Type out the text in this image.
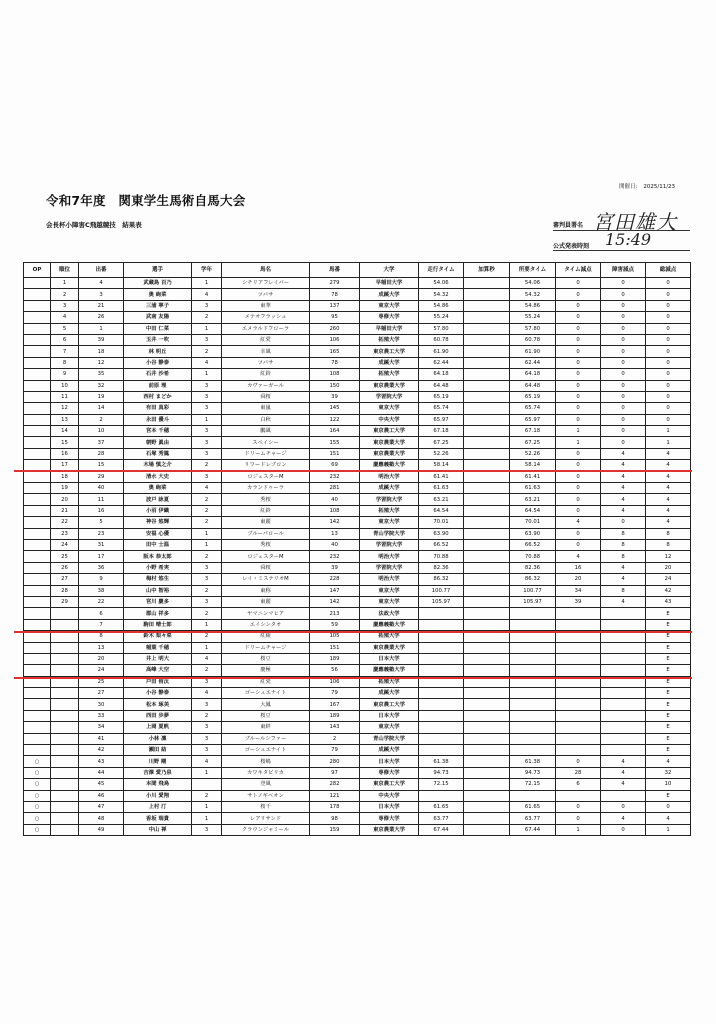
開催日: 2025/11/23
令和7年度　関東学生馬術自馬大会
会長杯小障害C飛越競技　結果表	審判員署名 宮田雄大
公式発表時刻 15:49
OP	順位	出番	選手	学年	馬名	馬番	大学	走行タイム	加算秒	所要タイム	タイム減点	障害減点	総減点
	1	4	武蔵島 百乃	1	シチリアフレイバー	279	早稲田大学	54.06		54.06	0	0	0
	2	3	奥 絢菜	4	ツバサ	78	成蹊大学	54.32		54.32	0	0	0
	3	21	三浦 寧子	3	東華	137	東京大学	54.86		54.86	0	0	0
	4	26	武南 友陽	2	メテオフラッシュ	95	専修大学	55.24		55.24	0	0	0
	5	1	中田 仁菜	1	エメラルドフローラ	260	早稲田大学	57.80		57.80	0	0	0
	6	39	玉井 一吹	3	紅愛	106	拓殖大学	60.78		60.78	0	0	0
	7	18	林 明丘	2	幸風	165	東京農工大学	61.90		61.90	0	0	0
	8	12	小谷 静泰	4	ツバサ	78	成蹊大学	62.44		62.44	0	0	0
	9	35	石井 沙希	1	紅鈴	108	拓殖大学	64.18		64.18	0	0	0
	10	32	前原 理	3	カヴァーガール	150	東京農業大学	64.48		64.48	0	0	0
	11	19	西村 まどか	3	舜桜	39	学習院大学	65.19		65.19	0	0	0
	12	14	有田 真彩	3	東嵐	145	東京大学	65.74		65.74	0	0	0
	13	2	永田 優斗	1	白秋	122	中央大学	65.97		65.97	0	0	0
	14	10	宮本 千穂	3	鵬風	164	東京農工大学	67.18		67.18	1	0	1
	15	37	朝野 眞由	3	スペイシー	155	東京農業大学	67.25		67.25	1	0	1
	16	28	石塚 秀鳳	3	ドリームチャージ	151	東京農業大学	52.26		52.26	0	4	4
	17	15	木場 慎之介	2	リワードレブロン	69	慶應義塾大学	58.14		58.14	0	4	4
	18	29	清水 大史	3	ロジェスターM	232	明治大学	61.41		61.41	0	4	4
	19	40	奥 絢菜	4	カランドゥーラ	281	成蹊大学	61.63		61.63	0	4	4
	20	11	波戸 詠夏	2	秀桜	40	学習院大学	63.21		63.21	0	4	4
	21	16	小沼 伊織	2	紅鈴	108	拓殖大学	64.54		64.54	0	4	4
	22	5	神谷 悠輝	2	東麗	142	東京大学	70.01		70.01	4	0	4
	23	23	安福 心優	1	ブルーパロール	13	青山学院大学	63.90		63.90	0	8	8
	24	31	田中 士温	1	秀桜	40	学習院大学	66.52		66.52	0	8	8
	25	17	阪本 恭太郎	2	ロジェスターM	232	明治大学	70.88		70.88	4	8	12
	26	36	小野 希実	3	舜桜	39	学習院大学	82.36		82.36	16	4	20
	27	9	梅村 悠生	3	レイ・ミステリオM	228	明治大学	86.32		86.32	20	4	24
	28	38	山中 智裕	2	東称	147	東京大学	100.77		100.77	34	8	42
	29	22	宮川 慶多	3	東麗	142	東京大学	105.97		105.97	39	4	43
		6	郡山 祥多	2	ヤマニンマヒア	213	法政大学						E
		7	駒田 晴士郎	1	エイシンタオ	59	慶應義塾大学						E
		8	鈴木 梨々菜	2	紅綾	105	拓殖大学						E
		13	稲葉 千穂	1	ドリームチャージ	151	東京農業大学						E
		20	井上 明大	4	桜豆	189	日本大学						E
		24	高峰 大空	2	慶極	56	慶應義塾大学						E
		25	戸田 侑汰	3	紅愛	106	拓殖大学						E
		27	小谷 静泰	4	ゴーシュエナイト	79	成蹊大学						E
		30	松本 琢美	3	大鳳	167	東京農工大学						E
		33	西田 歩夢	2	桜豆	189	日本大学						E
		34	上岡 夏帆	3	東絆	143	東京大学						E
		41	小林 凛	3	ブルールシファー	2	青山学院大学						E
		42	瀬田 結	3	ゴーシュエナイト	79	成蹊大学						E
○		43	川野 剛	4	桜嶋	280	日本大学	61.38		61.38	0	4	4
○		44	吉澤 愛乃泉	1	カワキタピリカ	97	専修大学	94.73		94.73	28	4	32
○		45	本間 飛鳥		登風	282	東京農工大学	72.15		72.15	6	4	10
○		46	小川 愛翔	2	サトノギベオン	121	中央大学						E
○		47	上村 汀	1	桜千	178	日本大学	61.65		61.65	0	0	0
○		48	香坂 瑞貴	1	レアリサンド	98	専修大学	63.77		63.77	0	4	4
○		49	中山 禅	3	クラウンジャミール	159	東京農業大学	67.44		67.44	1	0	1
